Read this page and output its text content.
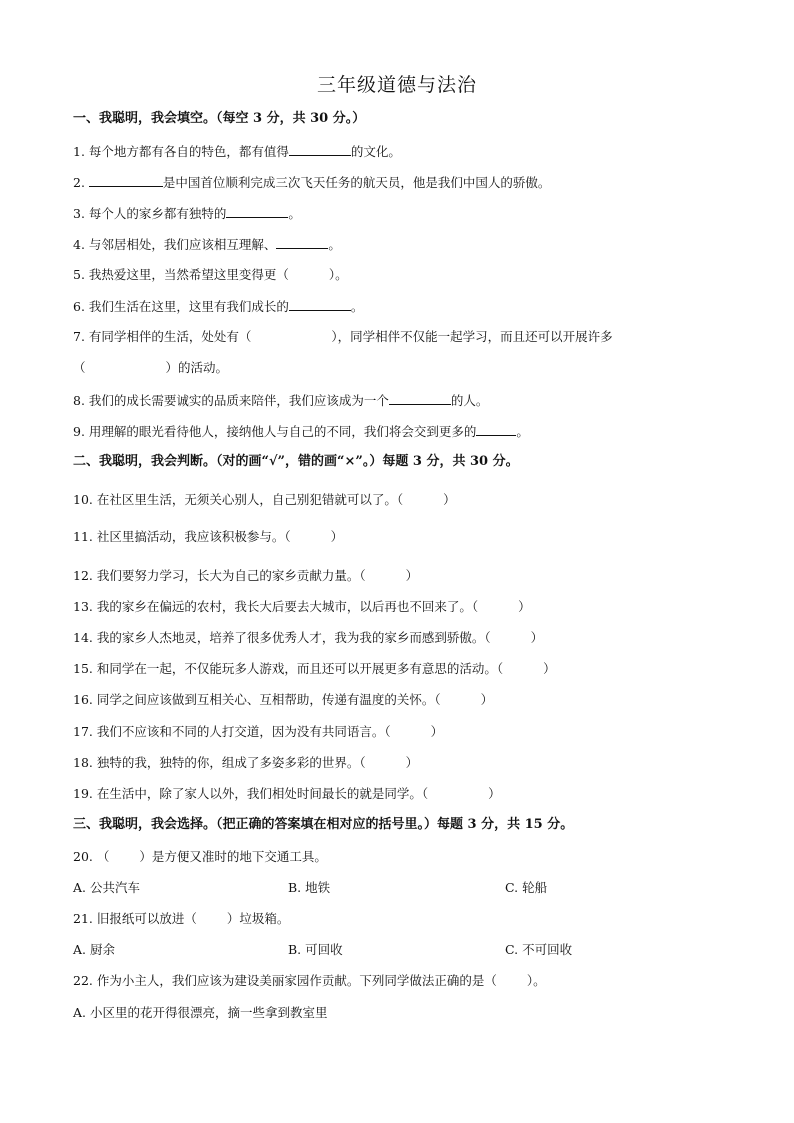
三年级道德与法治
一、我聪明，我会填空。（每空 3 分，共 30 分。）
1. 每个地方都有各自的特色，都有值得	的文化。
2.	是中国首位顺利完成三次飞天任务的航天员，他是我们中国人的骄傲。
3. 每个人的家乡都有独特的	。
4. 与邻居相处，我们应该相互理解、	。
5. 我热爱这里，当然希望这里变得更（	）。
6. 我们生活在这里，这里有我们成长的	。
7. 有同学相伴的生活，处处有（	），同学相伴不仅能一起学习，而且还可以开展许多
（	）的活动。
8. 我们的成长需要诚实的品质来陪伴，我们应该成为一个	的人。
9. 用理解的眼光看待他人，接纳他人与自己的不同，我们将会交到更多的	。
二、我聪明，我会判断。（对的画“√”，错的画“×”。）每题 3 分，共 30 分。
10. 在社区里生活，无须关心别人，自己别犯错就可以了。（	）
11. 社区里搞活动，我应该积极参与。（	）
12. 我们要努力学习，长大为自己的家乡贡献力量。（	）
13. 我的家乡在偏远的农村，我长大后要去大城市，以后再也不回来了。（	）
14. 我的家乡人杰地灵，培养了很多优秀人才，我为我的家乡而感到骄傲。（	）
15. 和同学在一起，不仅能玩多人游戏，而且还可以开展更多有意思的活动。（	）
16. 同学之间应该做到互相关心、互相帮助，传递有温度的关怀。（	）
17. 我们不应该和不同的人打交道，因为没有共同语言。（	）
18. 独特的我，独特的你，组成了多姿多彩的世界。（	）
19. 在生活中，除了家人以外，我们相处时间最长的就是同学。（	）
三、我聪明，我会选择。（把正确的答案填在相对应的括号里。）每题 3 分，共 15 分。
20. （ ）是方便又准时的地下交通工具。
A. 公共汽车	B. 地铁	C. 轮船
21. 旧报纸可以放进（ ）垃圾箱。
A. 厨余	B. 可回收	C. 不可回收
22. 作为小主人，我们应该为建设美丽家园作贡献。下列同学做法正确的是（ ）。
A. 小区里的花开得很漂亮，摘一些拿到教室里
